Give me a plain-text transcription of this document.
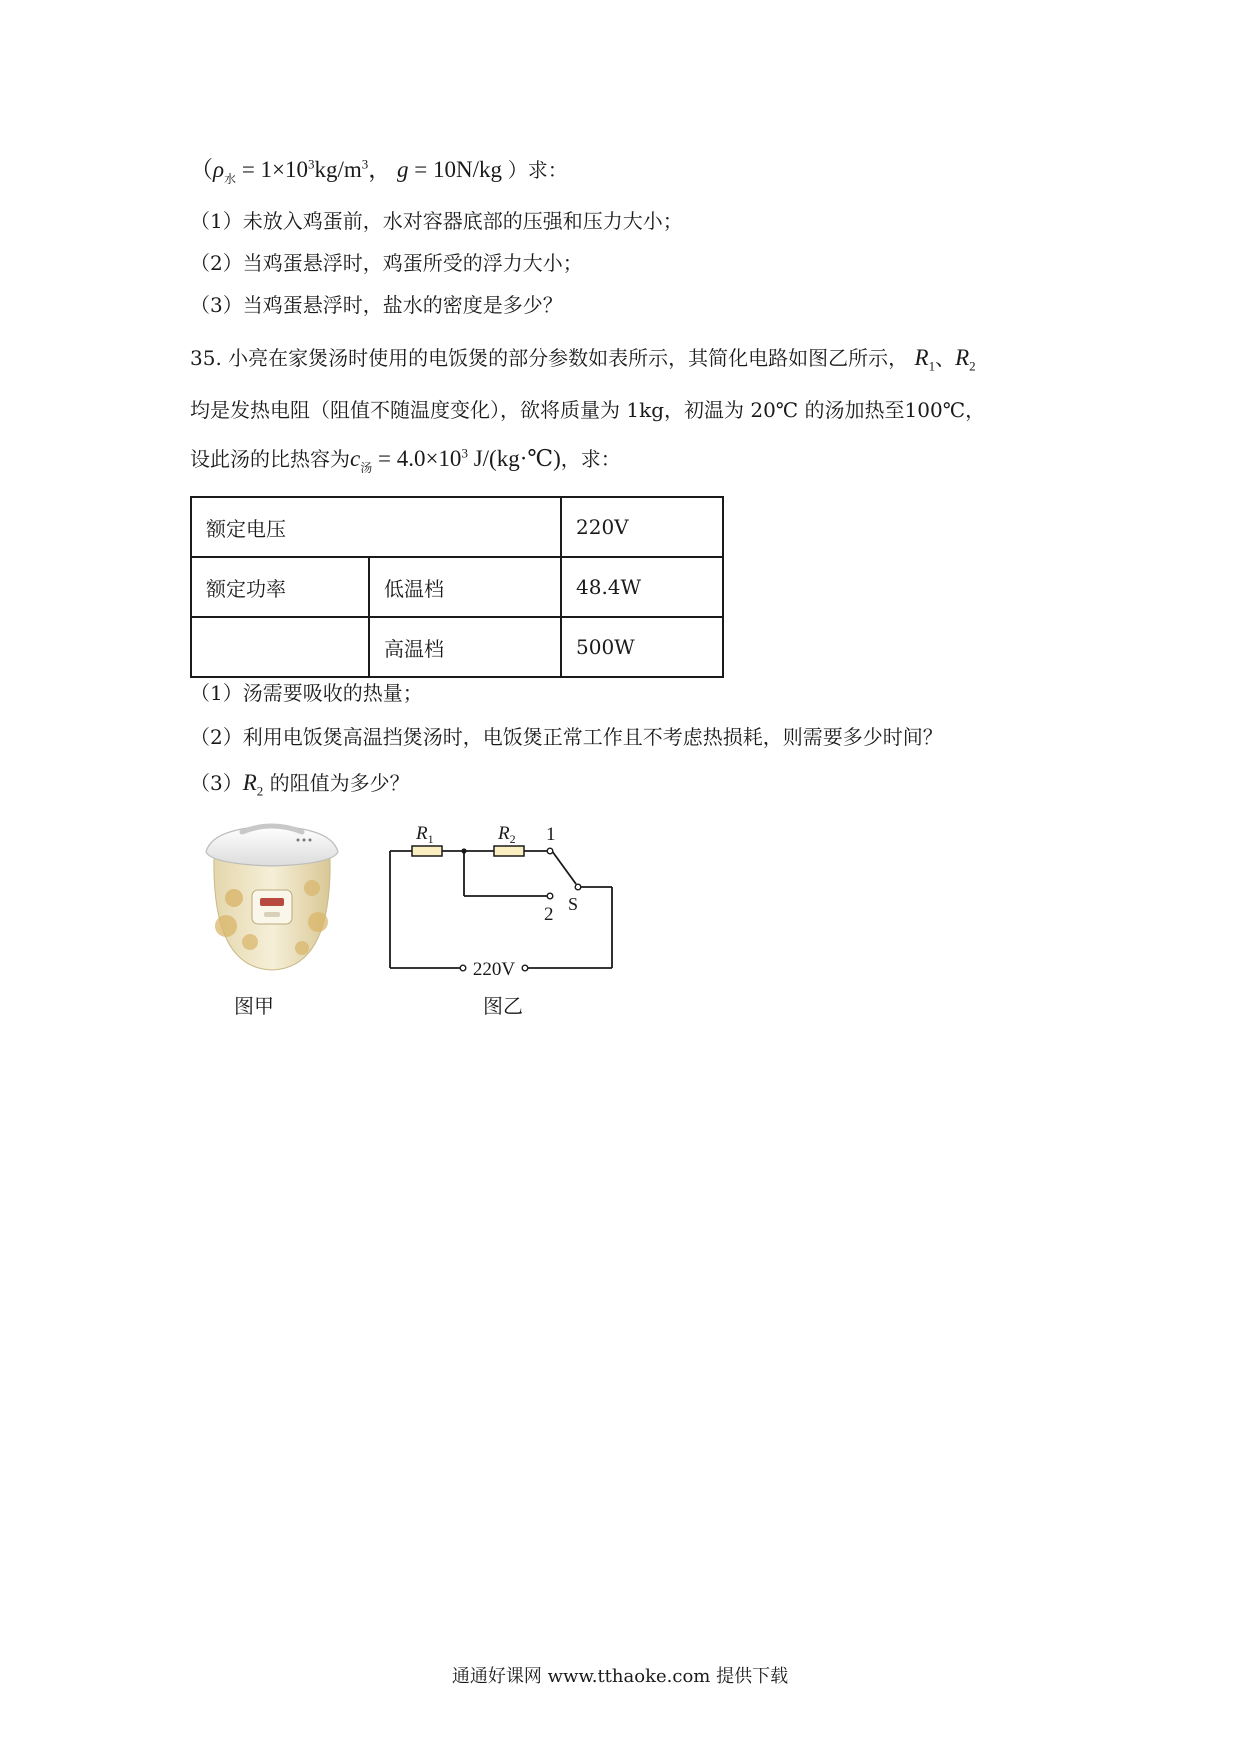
（$\rho_水 = 1\times 10^3kg/m^3$， g = 10N/kg ）求：
（1）未放入鸡蛋前，水对容器底部的压强和压力大小；
（2）当鸡蛋悬浮时，鸡蛋所受的浮力大小；
（3）当鸡蛋悬浮时，盐水的密度是多少？
35. 小亮在家煲汤时使用的电饭煲的部分参数如表所示，其简化电路如图乙所示， $R_1$、$R_2$
均是发热电阻（阻值不随温度变化），欲将质量为 1kg，初温为 20℃ 的汤加热至100℃，
设此汤的比热容为$c_汤 = 4.0\times 10^3$ J/(kg·℃)，求：
额定电压		220V
额定功率	低温档	48.4W
	高温档	500W
（1）汤需要吸收的热量；
（2）利用电饭煲高温挡煲汤时，电饭煲正常工作且不考虑热损耗，则需要多少时间？
$(3)R_2$ 的阻值为多少？
$R_1$	$R_2$ 1
2 S
220V
图甲	图乙
通通好课网 www.tthaoke.com 提供下载
